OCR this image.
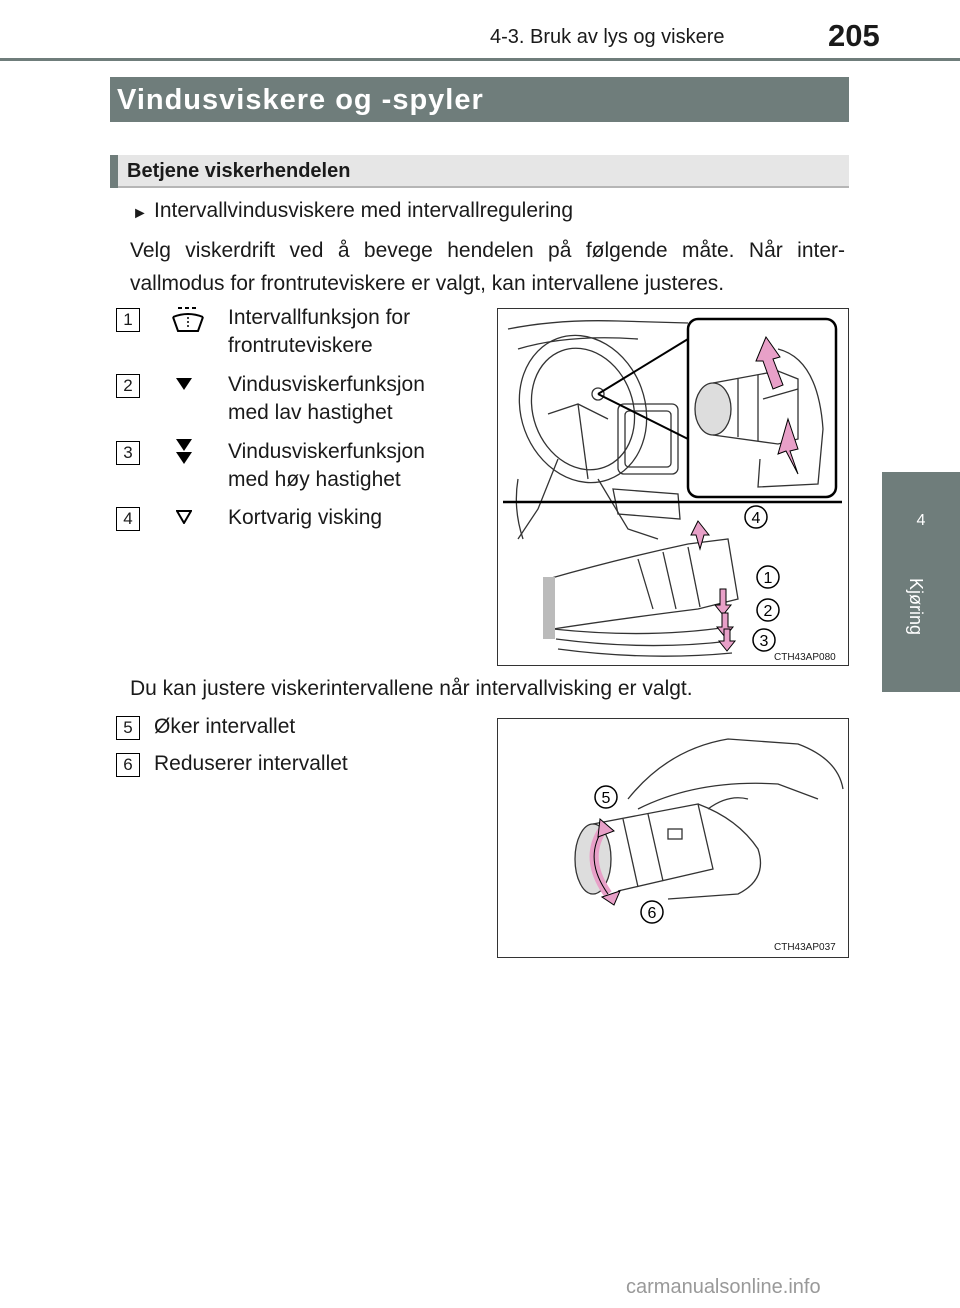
4-3. Bruk av lys og viskere	205
4
Kjøring
Vindusviskere og -spyler
Betjene viskerhendelen
► Intervallvindusviskere med intervallregulering
Velg viskerdrift ved å bevege hendelen på følgende måte. Når inter-vallmodus for frontruteviskere er valgt, kan intervallene justeres.
1	Intervallfunksjon for
frontruteviskere
2	Vindusviskerfunksjon
med lav hastighet
3	Vindusviskerfunksjon
med høy hastighet
4	Kortvarig visking	4
1
2
3
CTH43AP080
Du kan justere viskerintervallene når intervallvisking er valgt.
5	Øker intervallet
6	Reduserer intervallet
5
6
CTH43AP037
carmanualsonline.info
